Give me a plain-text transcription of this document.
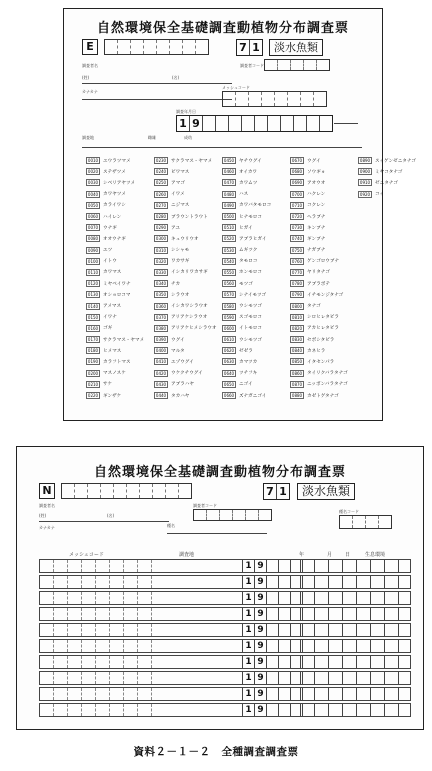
自然環境保全基礎調査動植物分布調査票
E	7 1	淡水魚類
調査者名	調査者コード
(姓)	(名)
カナカナ
メッシュコード
調査年月日
1 9
調査地	雌雄	成幼
0010	ユウラツマメ
0020	ステザツメ
0030	シベリアヤツメ
0040	カワヤツメ
0050	カライワシ
0060	ハイレン
0070	ウナギ
0080	オオウナギ
0090	エツ
0100	イトウ
0110	カワマス
0120	ミヤベイワナ
0130	オショロコマ
0140	アメマス
0150	イワナ
0160	ゴギ
0170	サクラマス・ヤマメ
0180	ヒメマス
0190	カラフトマス
0200	マスノスケ
0210	サケ
0220	ギンザケ
0230	サクラマス・ヤマメ
0240	ビワマス
0250	アマゴ
0260	イワメ
0270	ニジマス
0280	ブラウントラウト
0290	アユ
0300	キュウリウオ
0310	シシャモ
0320	ワカサギ
0330	イシカリワカサギ
0340	チカ
0350	シラウオ
0360	イシカワシラウオ
0370	アリアケシラウオ
0380	アリアケヒメシラウオ
0390	ウグイ
0400	マルタ
0410	エゾウグイ
0420	ウケクチウグイ
0430	アブラハヤ
0440	タカハヤ
0450	ヤチウグイ
0460	オイカワ
0470	カワムツ
0480	ハス
0490	カワバタモロコ
0500	ヒナモロコ
0510	ヒガイ
0520	アブラヒガイ
0530	ムギツク
0540	タモロコ
0550	ホンモロコ
0560	モツゴ
0570	シナイモツゴ
0580	ウシモツゴ
0590	スゴモロコ
0600	イトモロコ
0610	ウシモツゴ
0620	ゼゼラ
0630	カマツカ
0640	ツチフキ
0650	ニゴイ
0660	ズナガニゴイ
0670	ウグイ
0680	ソウギョ
0690	アオウオ
0700	ハクレン
0710	コクレン
0720	ヘラブナ
0730	キンブナ
0740	ギンブナ
0750	ナガブナ
0760	ゲンゴロウブナ
0770	ヤリタナゴ
0780	アブラボテ
0790	イチモンジタナゴ
0800	タナゴ
0810	シロヒレタビラ
0820	アカヒレタビラ
0830	セボシタビラ
0840	カネヒラ
0850	イタセンパラ
0860	タイリクバラタナゴ
0870	ニッポンバラタナゴ
0880	カゼトゲタナゴ
0890	スイゲンゼニタナゴ
0900	ミヤコタナゴ
0910	ゼニタナゴ
0920	コイ
自然環境保全基礎調査動植物分布調査票
N	7 1	淡水魚類
調査者名	調査者コード
(姓)	(名)
カナカナ	種名
種名コード
メッシュコード	調査地	年	月	日	生息環境
1 9
1 9
1 9
1 9
1 9
1 9
1 9
1 9
1 9
1 9
資料２－１－２　全種調査調査票
